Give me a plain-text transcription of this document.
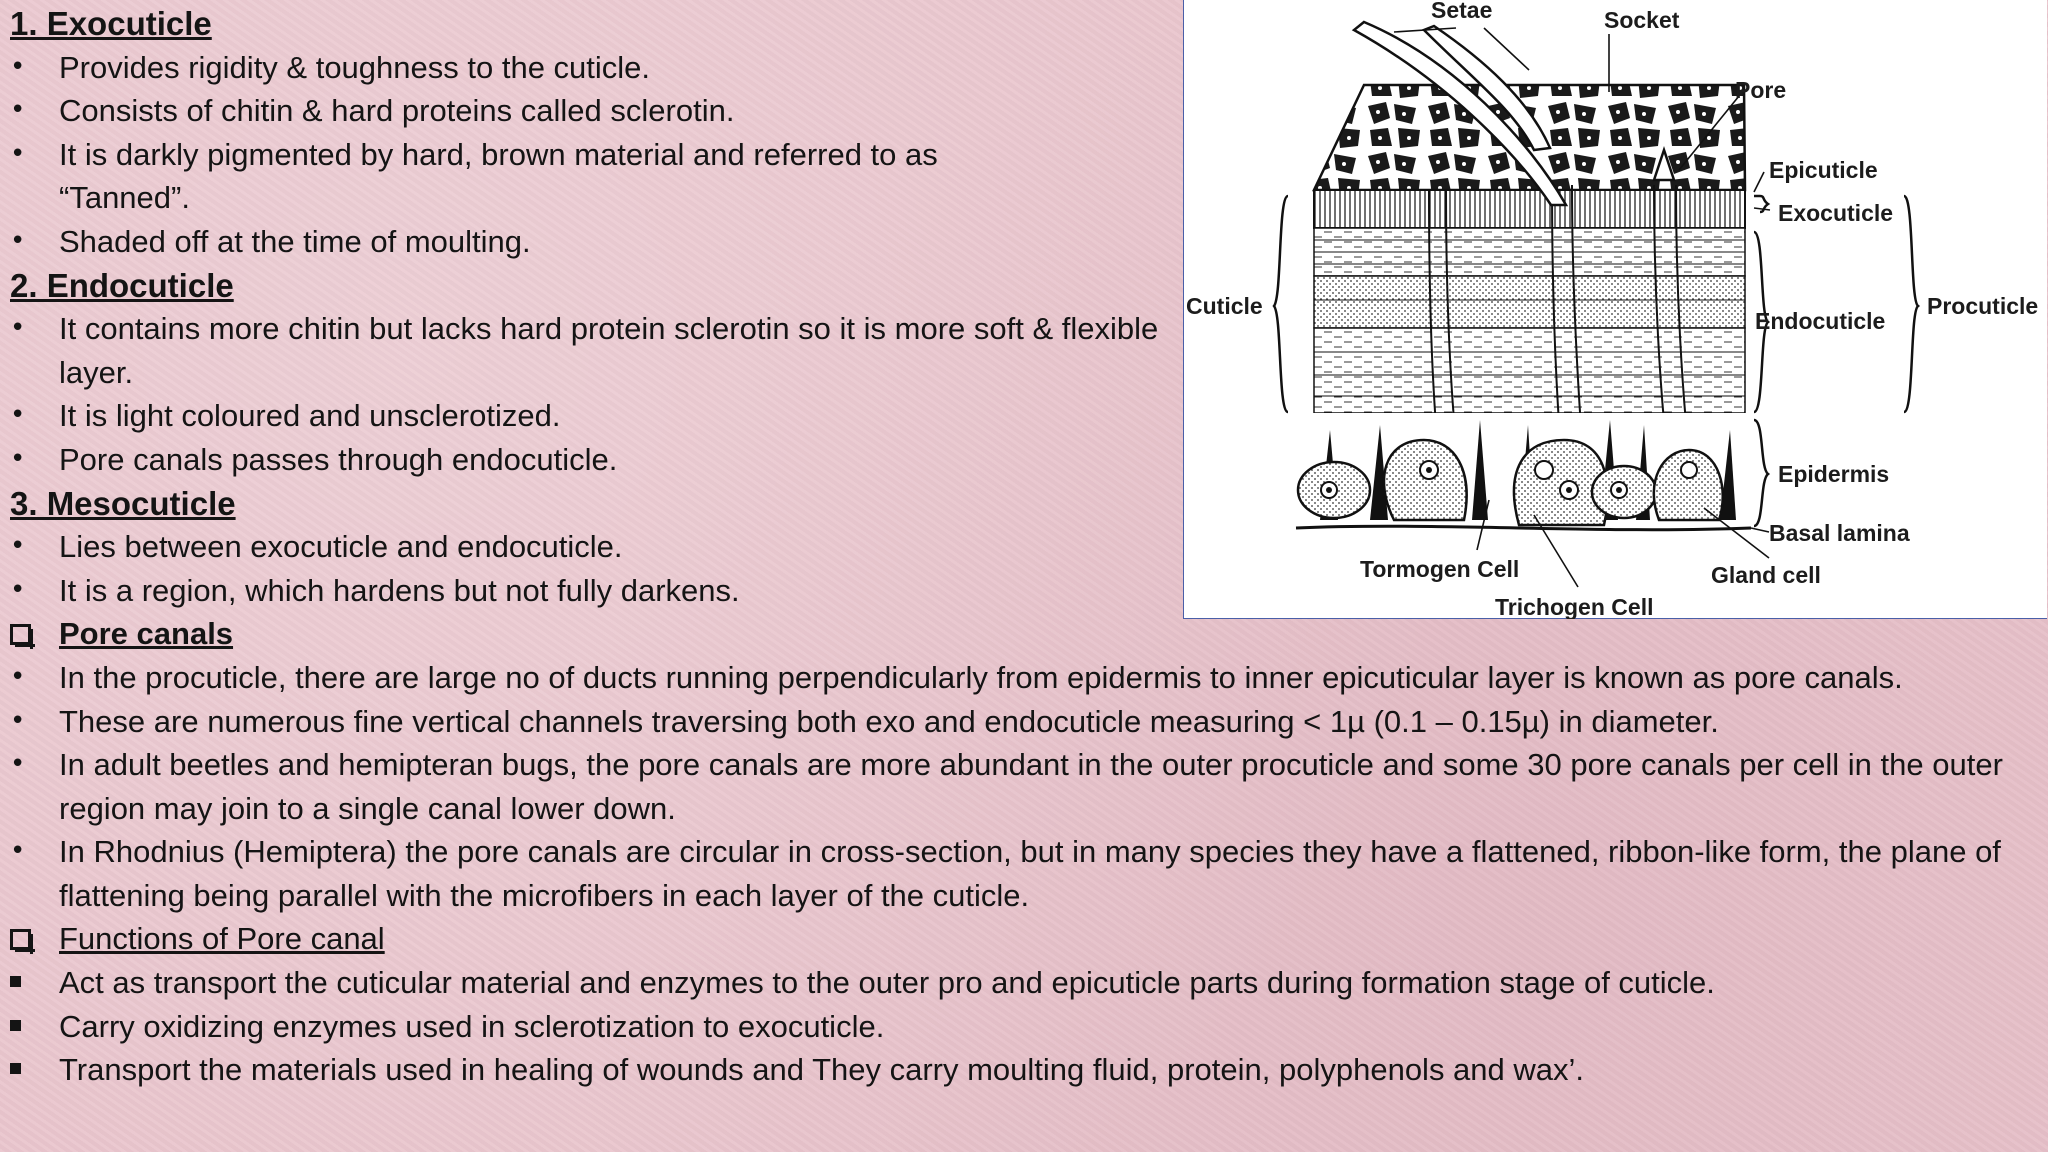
1. Exocuticle
•	Provides rigidity & toughness to the cuticle.
•	Consists of chitin & hard proteins called sclerotin.
•	It is darkly pigmented by hard, brown material and referred to as “Tanned”.
•	Shaded off at the time of moulting.
2. Endocuticle
•	It contains more chitin but lacks hard protein sclerotin so it is more soft & flexible layer.
•	It is light coloured and unsclerotized.
•	Pore canals passes through endocuticle.
3. Mesocuticle
•	Lies between exocuticle and endocuticle.
•	It is a region, which hardens but not fully darkens.
Pore canals
•	In the procuticle, there are large no of ducts running perpendicularly from epidermis to inner epicuticular layer is known as pore canals.
•	These are numerous fine vertical channels traversing both exo and endocuticle measuring < 1µ (0.1 – 0.15µ) in diameter.
•	In adult beetles and hemipteran bugs, the pore canals are more abundant in the outer procuticle and some 30 pore canals per cell in the outer region may join to a single canal lower down.
•	In Rhodnius (Hemiptera) the pore canals are circular in cross-section, but in many species they have a flattened, ribbon-like form, the plane of flattening being parallel with the microfibers in each layer of the cuticle.
Functions of Pore canal
Act as transport the cuticular material and enzymes to the outer pro and epicuticle parts during formation stage of cuticle.
Carry oxidizing enzymes used in sclerotization to exocuticle.
Transport the materials used in healing of wounds and They carry moulting fluid, protein, polyphenols and wax’.
Setae	Socket
Pore
Epicuticle
Exocuticle
Endocuticle
Procuticle
Cuticle
Epidermis
Basal lamina
Tormogen Cell	Gland cell
Trichogen Cell
